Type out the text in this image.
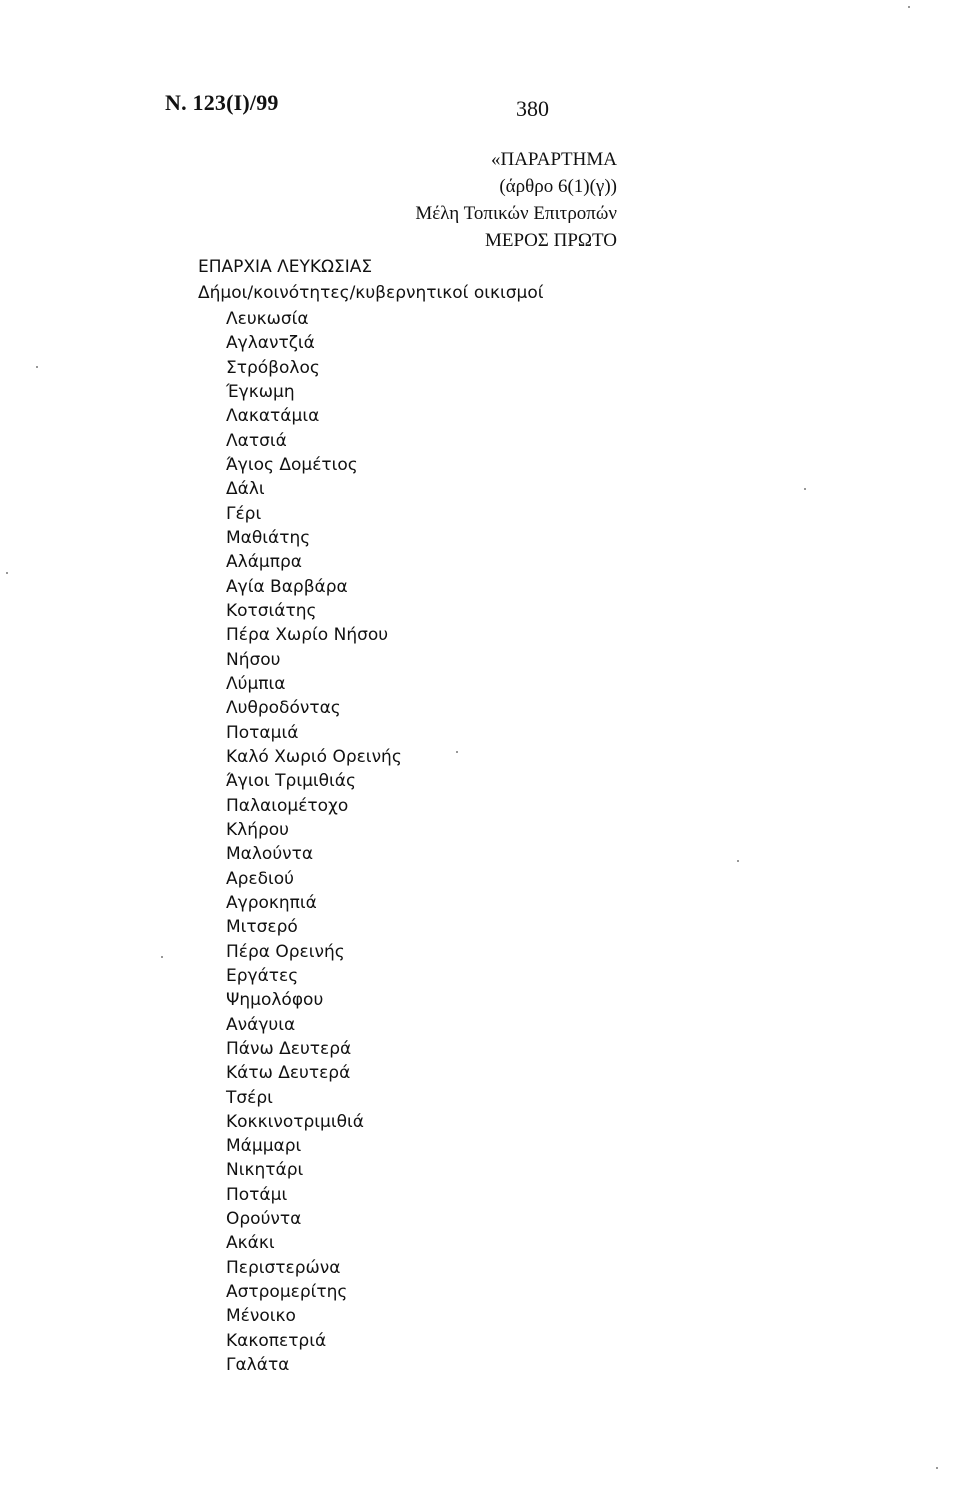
Ν. 123(Ι)/99	380
«ΠΑΡΑΡΤΗΜΑ
(άρθρο 6(1)(γ))
Μέλη Τοπικών Επιτροπών
ΜΕΡΟΣ ΠΡΩΤΟ
ΕΠΑΡΧΙΑ ΛΕΥΚΩΣΙΑΣ
Δήμοι/κοινότητες/κυβερνητικοί οικισμοί
Λευκωσία
Αγλαντζιά
Στρόβολος
Έγκωμη
Λακατάμια
Λατσιά
Άγιος Δομέτιος
Δάλι
Γέρι
Μαθιάτης
Αλάμπρα
Αγία Βαρβάρα
Κοτσιάτης
Πέρα Χωρίο Νήσου
Νήσου
Λύμπια
Λυθροδόντας
Ποταμιά
Καλό Χωριό Ορεινής
Άγιοι Τριμιθιάς
Παλαιομέτοχο
Κλήρου
Μαλούντα
Αρεδιού
Αγροκηπιά
Μιτσερό
Πέρα Ορεινής
Εργάτες
Ψημολόφου
Ανάγυια
Πάνω Δευτερά
Κάτω Δευτερά
Τσέρι
Κοκκινοτριμιθιά
Μάμμαρι
Νικητάρι
Ποτάμι
Ορούντα
Ακάκι
Περιστερώνα
Αστρομερίτης
Μένοικο
Κακοπετριά
Γαλάτα
